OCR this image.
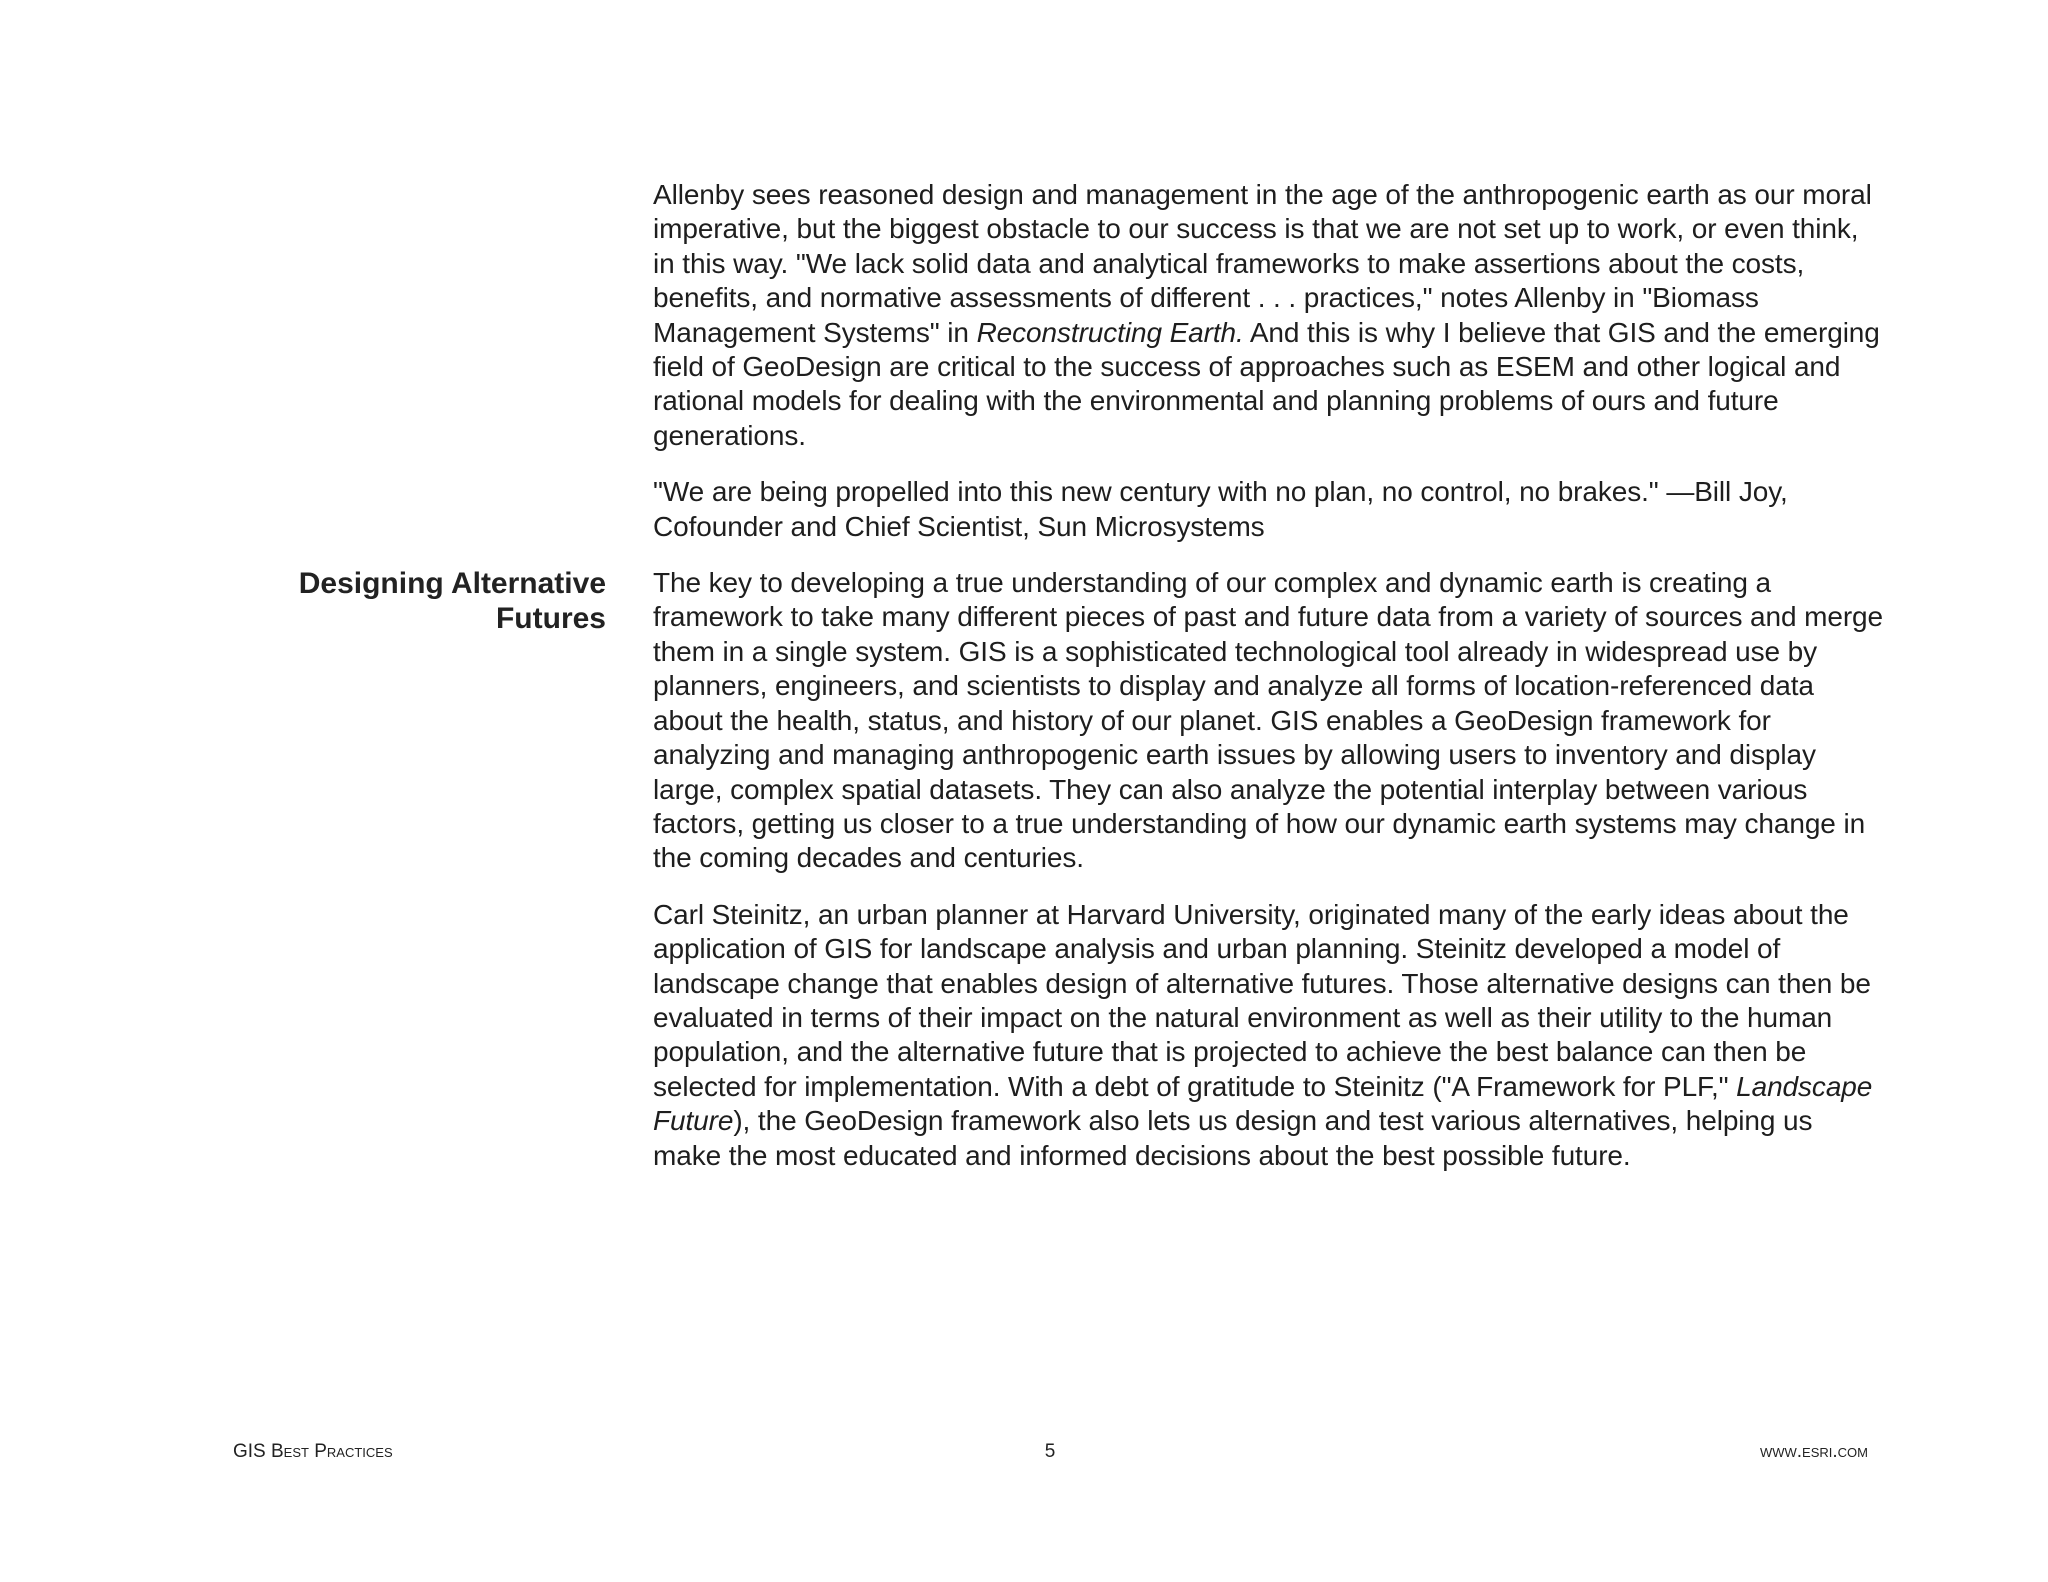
Designing Alternative
Futures

Allenby sees reasoned design and management in the age of the anthropogenic earth as our moral imperative, but the biggest obstacle to our success is that we are not set up to work, or even think, in this way. "We lack solid data and analytical frameworks to make assertions about the costs, benefits, and normative assessments of different . . . practices," notes Allenby in "Biomass Management Systems" in Reconstructing Earth. And this is why I believe that GIS and the emerging field of GeoDesign are critical to the success of approaches such as ESEM and other logical and rational models for dealing with the environmental and planning problems of ours and future generations.

"We are being propelled into this new century with no plan, no control, no brakes." —Bill Joy, Cofounder and Chief Scientist, Sun Microsystems

The key to developing a true understanding of our complex and dynamic earth is creating a framework to take many different pieces of past and future data from a variety of sources and merge them in a single system. GIS is a sophisticated technological tool already in widespread use by planners, engineers, and scientists to display and analyze all forms of location-referenced data about the health, status, and history of our planet. GIS enables a GeoDesign framework for analyzing and managing anthropogenic earth issues by allowing users to inventory and display large, complex spatial datasets. They can also analyze the potential interplay between various factors, getting us closer to a true understanding of how our dynamic earth systems may change in the coming decades and centuries.

Carl Steinitz, an urban planner at Harvard University, originated many of the early ideas about the application of GIS for landscape analysis and urban planning. Steinitz developed a model of landscape change that enables design of alternative futures. Those alternative designs can then be evaluated in terms of their impact on the natural environment as well as their utility to the human population, and the alternative future that is projected to achieve the best balance can then be selected for implementation. With a debt of gratitude to Steinitz ("A Framework for PLF," Landscape Future), the GeoDesign framework also lets us design and test various alternatives, helping us make the most educated and informed decisions about the best possible future.

GIS Best Practices	5	www.esri.com
